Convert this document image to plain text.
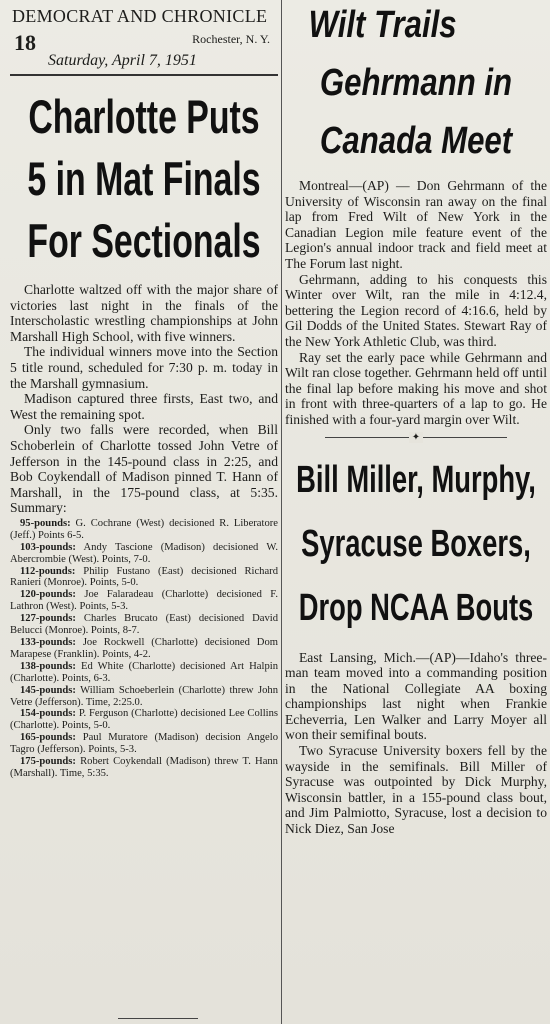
DEMOCRAT AND CHRONICLE
18	Rochester, N. Y.
Saturday, April 7, 1951
Charlotte Puts
5 in Mat Finals
For Sectionals

Charlotte waltzed off with the major share of victories last night in the finals of the Interscholastic wrestling championships at John Marshall High School, with five winners.

The individual winners move into the Section 5 title round, scheduled for 7:30 p. m. today in the Marshall gymnasium.

Madison captured three firsts, East two, and West the remaining spot.

Only two falls were recorded, when Bill Schoberlein of Charlotte tossed John Vetre of Jefferson in the 145-pound class in 2:25, and Bob Coykendall of Madison pinned T. Hann of Marshall, in the 175-pound class, at 5:35. Summary:

95-pounds: G. Cochrane (West) decisioned R. Liberatore (Jeff.) Points 6-5.

103-pounds: Andy Tascione (Madison) decisioned W. Abercrombie (West). Points, 7-0.

112-pounds: Philip Fustano (East) decisioned Richard Ranieri (Monroe). Points, 5-0.

120-pounds: Joe Falaradeau (Charlotte) decisioned F. Lathron (West). Points, 5-3.

127-pounds: Charles Brucato (East) decisioned David Belucci (Monroe). Points, 8-7.

133-pounds: Joe Rockwell (Charlotte) decisioned Dom Marapese (Franklin). Points, 4-2.

138-pounds: Ed White (Charlotte) decisioned Art Halpin (Charlotte). Points, 6-3.

145-pounds: William Schoeberlein (Charlotte) threw John Vetre (Jefferson). Time, 2:25.0.

154-pounds: P. Ferguson (Charlotte) decisioned Lee Collins (Charlotte). Points, 5-0.

165-pounds: Paul Muratore (Madison) decision Angelo Tagro (Jefferson). Points, 5-3.

175-pounds: Robert Coykendall (Madison) threw T. Hann (Marshall). Time, 5:35.

Wilt Trails
Gehrmann in
Canada Meet

Montreal—(AP) — Don Gehrmann of the University of Wisconsin ran away on the final lap from Fred Wilt of New York in the Canadian Legion mile feature event of the Legion's annual indoor track and field meet at The Forum last night.

Gehrmann, adding to his conquests this Winter over Wilt, ran the mile in 4:12.4, bettering the Legion record of 4:16.6, held by Gil Dodds of the United States. Stewart Ray of the New York Athletic Club, was third.

Ray set the early pace while Gehrmann and Wilt ran close together. Gehrmann held off until the final lap before making his move and shot in front with three-quarters of a lap to go. He finished with a four-yard margin over Wilt.

✦
Bill Miller, Murphy,
Syracuse Boxers,
Drop NCAA Bouts

East Lansing, Mich.—(AP)—Idaho's three-man team moved into a commanding position in the National Collegiate AA boxing championships last night when Frankie Echeverria, Len Walker and Larry Moyer all won their semifinal bouts.

Two Syracuse University boxers fell by the wayside in the semifinals. Bill Miller of Syracuse was outpointed by Dick Murphy, Wisconsin battler, in a 155-pound class bout, and Jim Palmiotto, Syracuse, lost a decision to Nick Diez, San Jose
